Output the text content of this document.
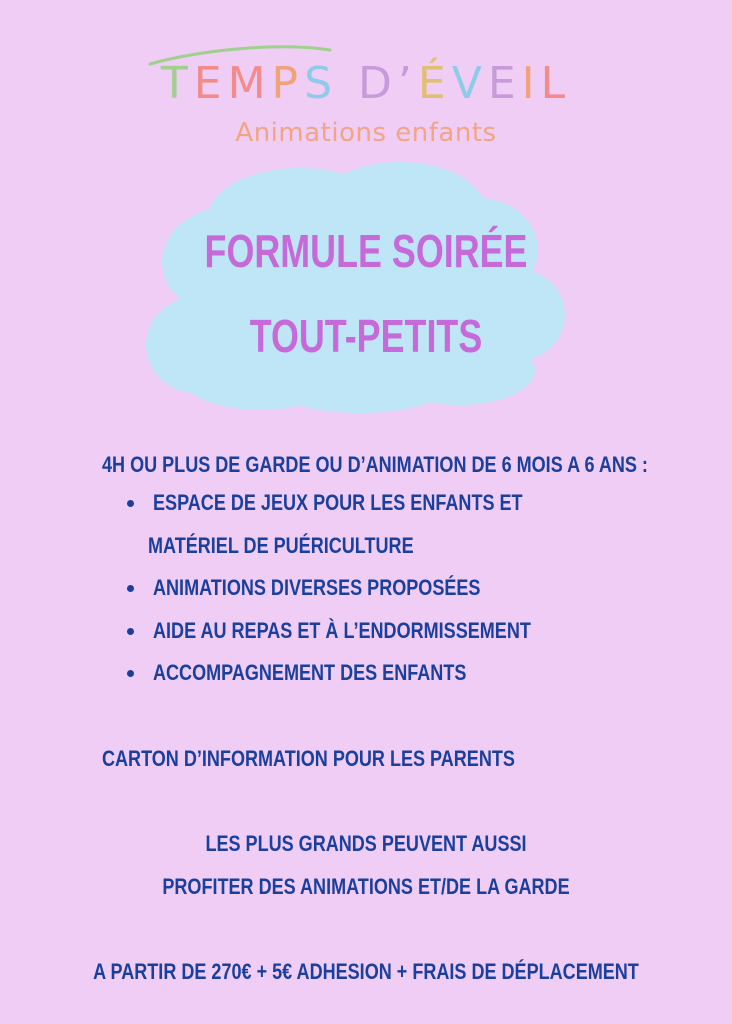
TEMPS D’ÉVEIL
Animations enfants
FORMULE SOIRÉE
TOUT-PETITS
4H OU PLUS DE GARDE OU D’ANIMATION DE 6 MOIS A 6 ANS :
ESPACE DE JEUX POUR LES ENFANTS ET
MATÉRIEL DE PUÉRICULTURE
ANIMATIONS DIVERSES PROPOSÉES
AIDE AU REPAS ET À L’ENDORMISSEMENT
ACCOMPAGNEMENT DES ENFANTS
CARTON D’INFORMATION POUR LES PARENTS
LES PLUS GRANDS PEUVENT AUSSI
PROFITER DES ANIMATIONS ET/DE LA GARDE
A PARTIR DE 270€ + 5€ ADHESION + FRAIS DE DÉPLACEMENT
